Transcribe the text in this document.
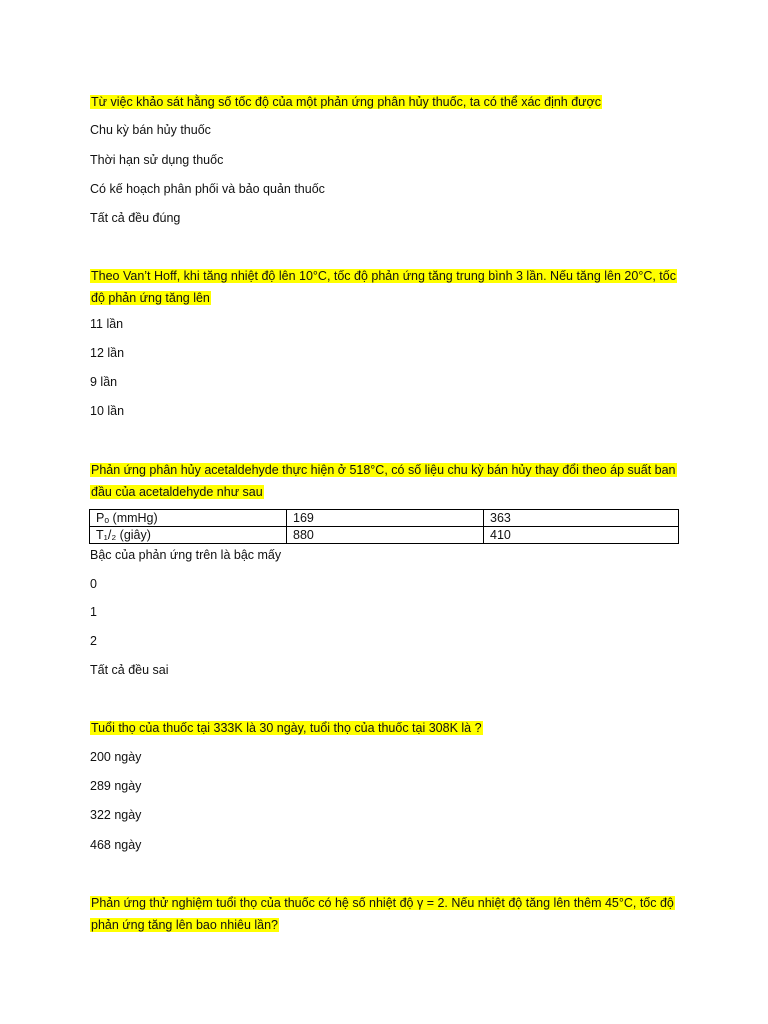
Từ việc khảo sát hằng số tốc độ của một phản ứng phân hủy thuốc, ta có thể xác định được
Chu kỳ bán hủy thuốc
Thời hạn sử dụng thuốc
Có kế hoạch phân phối và bảo quản thuốc
Tất cả đều đúng
Theo Van’t Hoff, khi tăng nhiệt độ lên 10°C, tốc độ phản ứng tăng trung bình 3 lần. Nếu tăng lên 20°C, tốc độ phản ứng tăng lên
11 lần
12 lần
9 lần
10 lần
Phản ứng phân hủy acetaldehyde thực hiện ở 518°C, có số liệu chu kỳ bán hủy thay đổi theo áp suất ban đầu của acetaldehyde như sau
Pₒ (mmHg)	169	363
T₁/₂ (giây)	880	410
Bậc của phản ứng trên là bậc mấy
0
1
2
Tất cả đều sai
Tuổi thọ của thuốc tại 333K là 30 ngày, tuổi thọ của thuốc tại 308K là ?
200 ngày
289 ngày
322 ngày
468 ngày
Phản ứng thử nghiệm tuổi thọ của thuốc có hệ số nhiệt độ γ = 2. Nếu nhiệt độ tăng lên thêm 45°C, tốc độ phản ứng tăng lên bao nhiêu lần?
